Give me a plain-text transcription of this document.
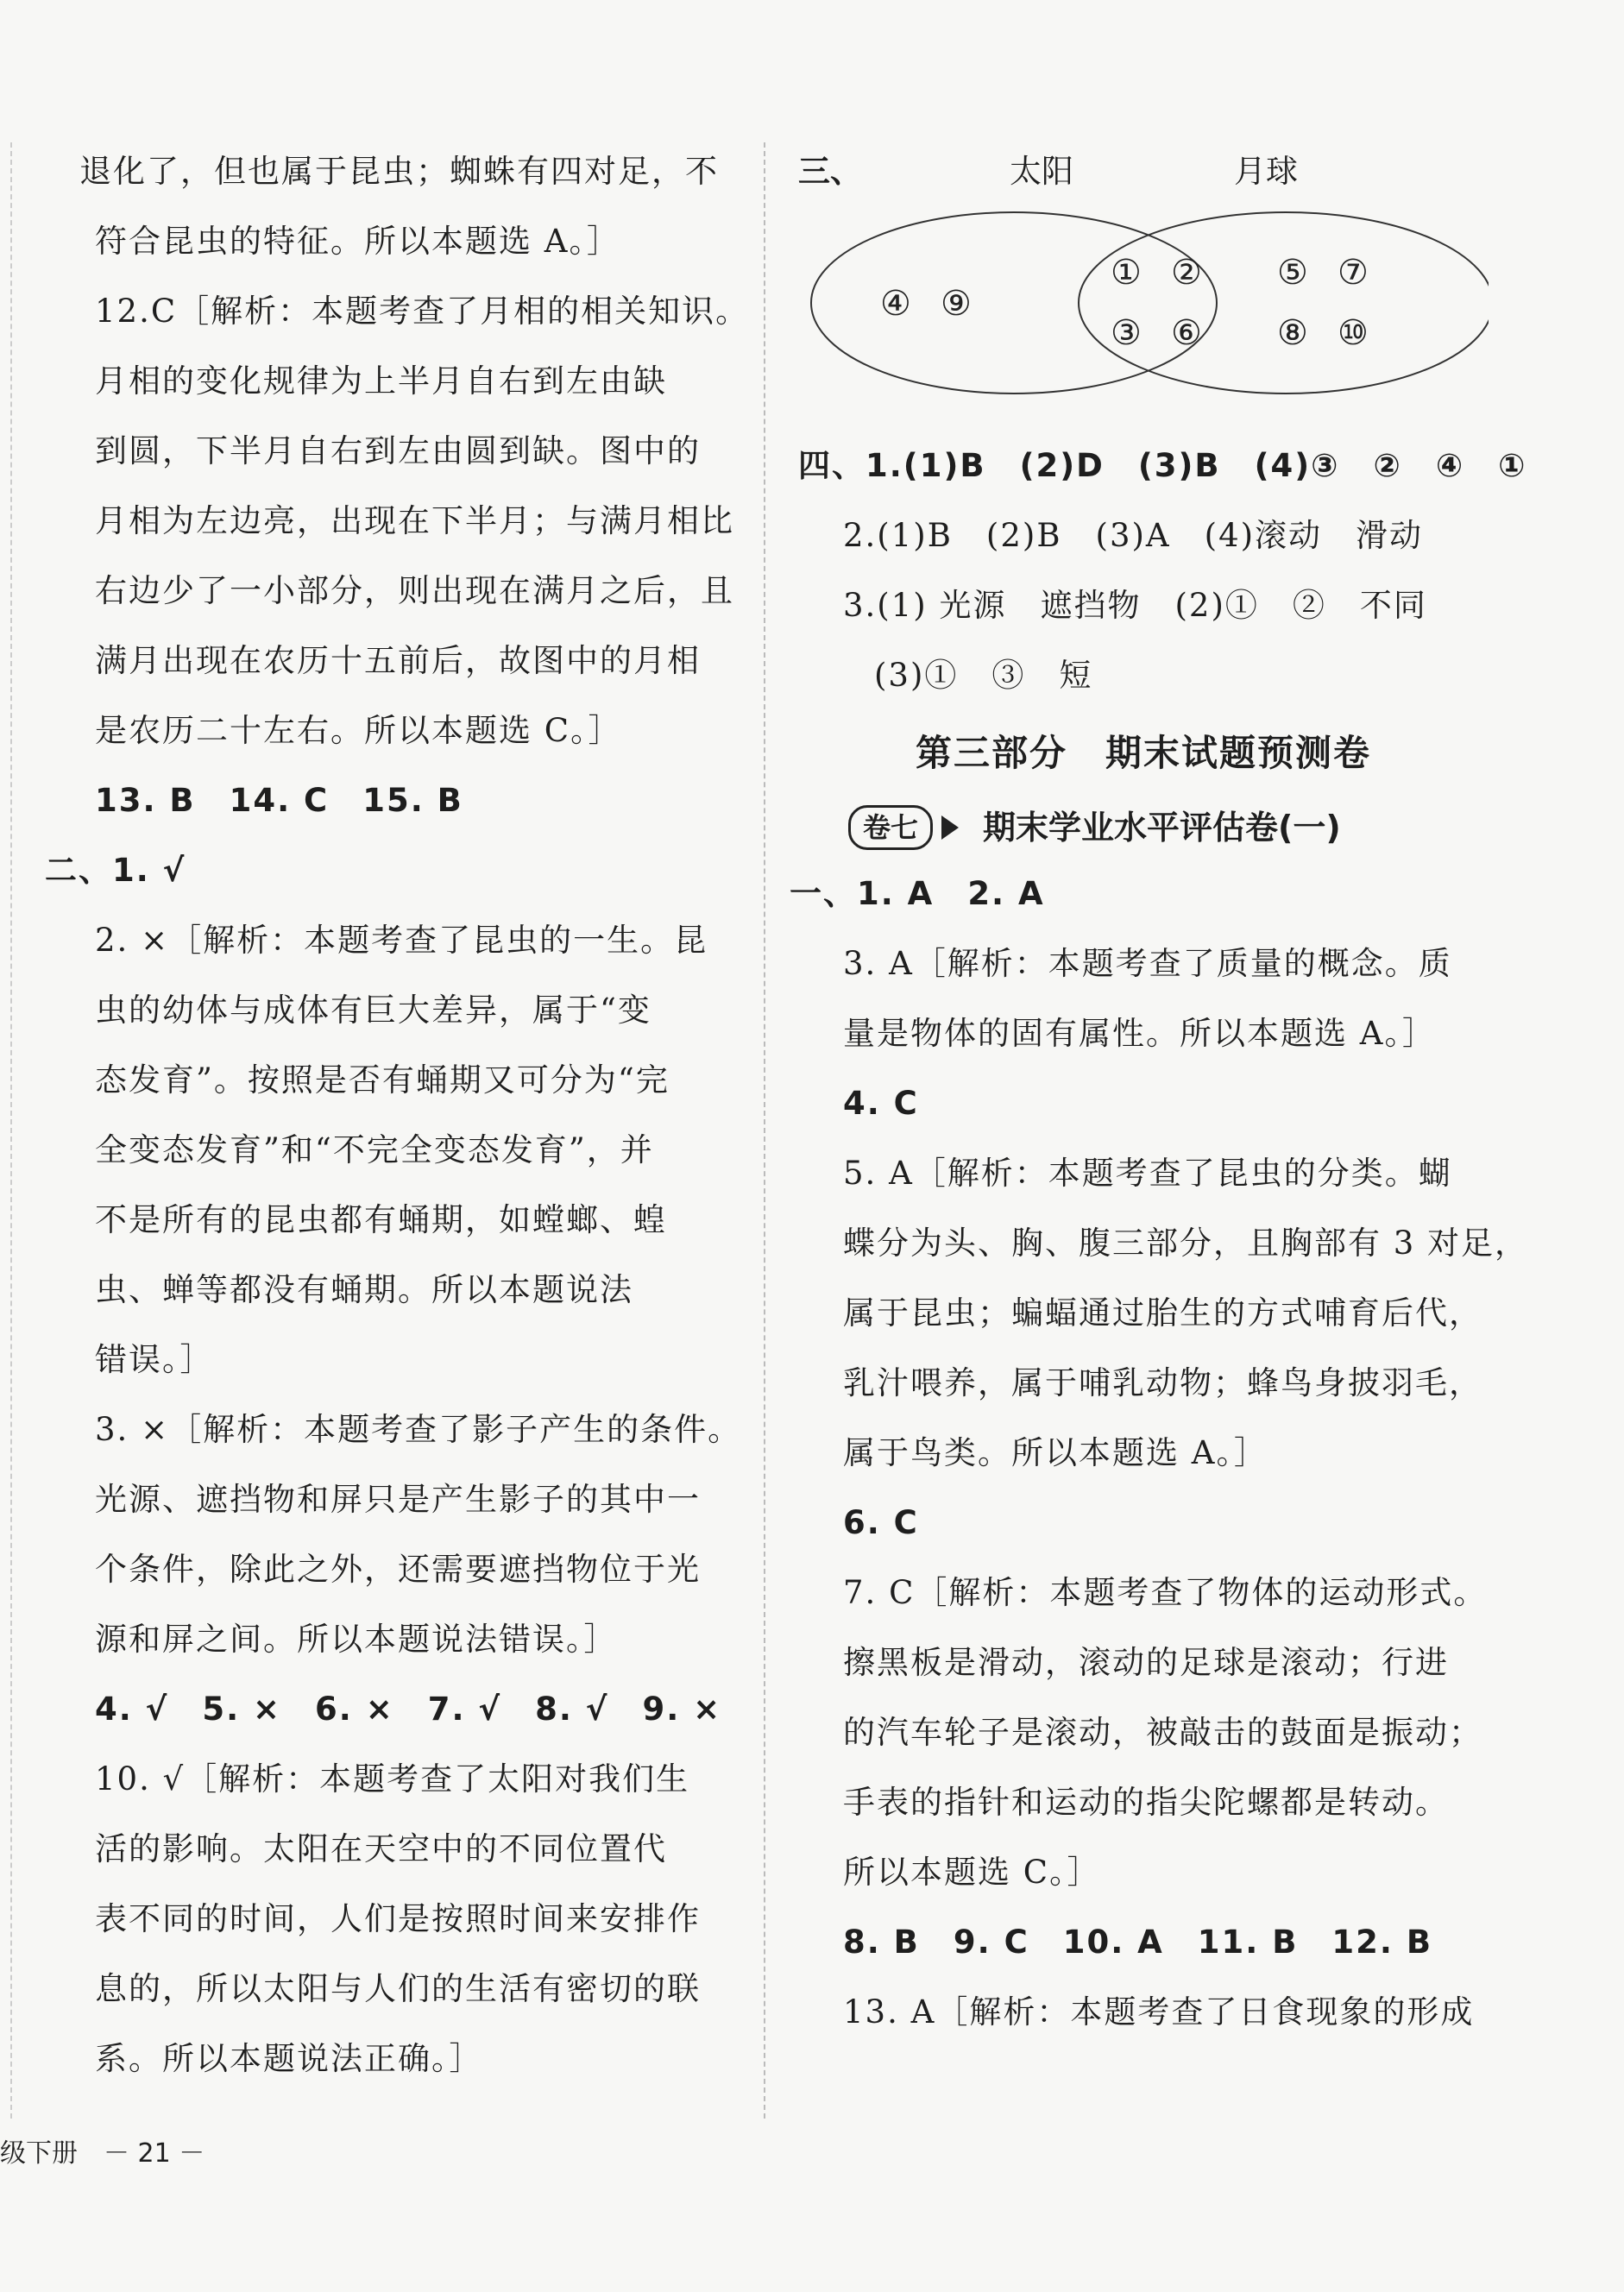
退化了，但也属于昆虫；蜘蛛有四对足，不
符合昆虫的特征。所以本题选 A。］
12.C［解析：本题考查了月相的相关知识。
月相的变化规律为上半月自右到左由缺
到圆，下半月自右到左由圆到缺。图中的
月相为左边亮，出现在下半月；与满月相比
右边少了一小部分，则出现在满月之后，且
满月出现在农历十五前后，故图中的月相
是农历二十左右。所以本题选 C。］
13. B　14. C　15. B
二、1. √
2. ×［解析：本题考查了昆虫的一生。昆
虫的幼体与成体有巨大差异，属于“变
态发育”。按照是否有蛹期又可分为“完
全变态发育”和“不完全变态发育”，并
不是所有的昆虫都有蛹期，如螳螂、蝗
虫、蝉等都没有蛹期。所以本题说法
错误。］
3. ×［解析：本题考查了影子产生的条件。
光源、遮挡物和屏只是产生影子的其中一
个条件，除此之外，还需要遮挡物位于光
源和屏之间。所以本题说法错误。］
4. √　5. ×　6. ×　7. √　8. √　9. ×
10. √［解析：本题考查了太阳对我们生
活的影响。太阳在天空中的不同位置代
表不同的时间，人们是按照时间来安排作
息的，所以太阳与人们的生活有密切的联
系。所以本题说法正确。］
三、	太阳	月球
④ ⑨
① ②
③ ⑥
⑤ ⑦
⑧ ⑩
四、1.(1)B　(2)D　(3)B　(4)③　②　④　①
2.(1)B　(2)B　(3)A　(4)滚动　滑动
3.(1) 光源　遮挡物　(2)①　②　不同
(3)①　③　短
第三部分　期末试题预测卷
卷七	期末学业水平评估卷(一)
一、1. A　2. A
3. A［解析：本题考查了质量的概念。质
量是物体的固有属性。所以本题选 A。］
4. C
5. A［解析：本题考查了昆虫的分类。蝴
蝶分为头、胸、腹三部分，且胸部有 3 对足，
属于昆虫；蝙蝠通过胎生的方式哺育后代，
乳汁喂养，属于哺乳动物；蜂鸟身披羽毛，
属于鸟类。所以本题选 A。］
6. C
7. C［解析：本题考查了物体的运动形式。
擦黑板是滑动，滚动的足球是滚动；行进
的汽车轮子是滚动，被敲击的鼓面是振动；
手表的指针和运动的指尖陀螺都是转动。
所以本题选 C。］
8. B　9. C　10. A　11. B　12. B
13. A［解析：本题考查了日食现象的形成
级下册　－ 21 －
